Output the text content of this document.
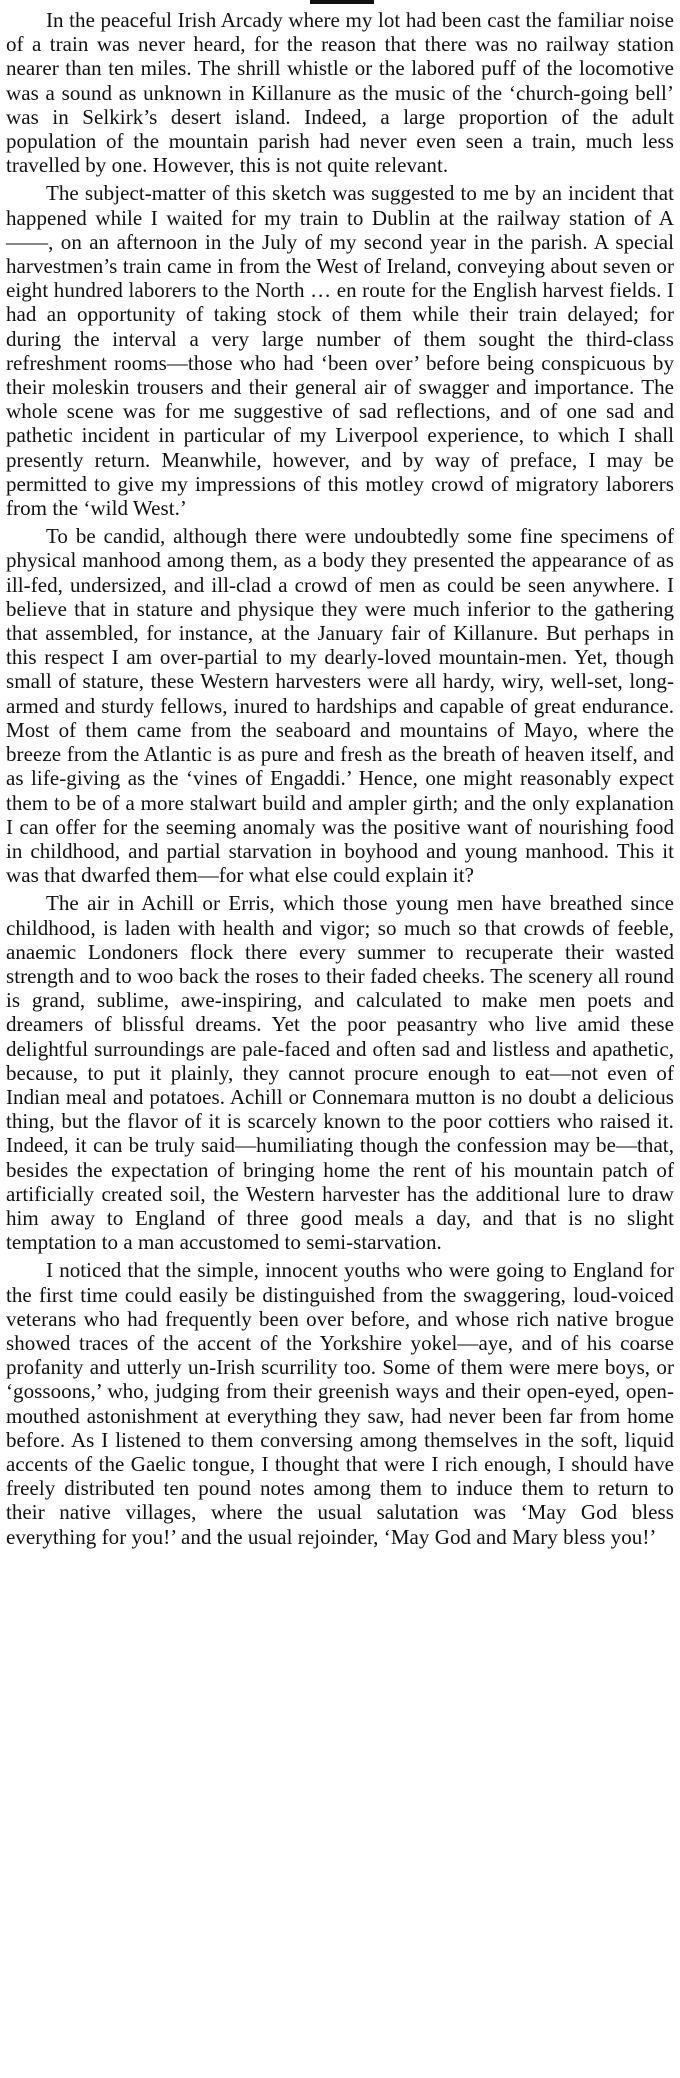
In the peaceful Irish Arcady where my lot had been cast the familiar noise of a train was never heard, for the reason that there was no railway station nearer than ten miles. The shrill whistle or the labored puff of the locomotive was a sound as unknown in Killanure as the music of the ‘church-going bell’ was in Selkirk’s desert island. Indeed, a large proportion of the adult population of the mountain parish had never even seen a train, much less travelled by one. However, this is not quite relevant.

The subject-matter of this sketch was suggested to me by an incident that happened while I waited for my train to Dublin at the railway station of A——, on an afternoon in the July of my second year in the parish. A special harvestmen’s train came in from the West of Ireland, conveying about seven or eight hundred laborers to the North … en route for the English harvest fields. I had an opportunity of taking stock of them while their train delayed; for during the interval a very large number of them sought the third-class refreshment rooms—those who had ‘been over’ before being conspicuous by their moleskin trousers and their general air of swagger and importance. The whole scene was for me suggestive of sad reflections, and of one sad and pathetic incident in particular of my Liverpool experience, to which I shall presently return. Meanwhile, however, and by way of preface, I may be permitted to give my impressions of this motley crowd of migratory laborers from the ‘wild West.’

To be candid, although there were undoubtedly some fine specimens of physical manhood among them, as a body they presented the appearance of as ill-fed, undersized, and ill-clad a crowd of men as could be seen anywhere. I believe that in stature and physique they were much inferior to the gathering that assembled, for instance, at the January fair of Killanure. But perhaps in this respect I am over-partial to my dearly-loved mountain-men. Yet, though small of stature, these Western harvesters were all hardy, wiry, well-set, long-armed and sturdy fellows, inured to hardships and capable of great endurance. Most of them came from the seaboard and mountains of Mayo, where the breeze from the Atlantic is as pure and fresh as the breath of heaven itself, and as life-giving as the ‘vines of Engaddi.’ Hence, one might reasonably expect them to be of a more stalwart build and ampler girth; and the only explanation I can offer for the seeming anomaly was the positive want of nourishing food in childhood, and partial starvation in boyhood and young manhood. This it was that dwarfed them—for what else could explain it?

The air in Achill or Erris, which those young men have breathed since childhood, is laden with health and vigor; so much so that crowds of feeble, anaemic Londoners flock there every summer to recuperate their wasted strength and to woo back the roses to their faded cheeks. The scenery all round is grand, sublime, awe-inspiring, and calculated to make men poets and dreamers of blissful dreams. Yet the poor peasantry who live amid these delightful surroundings are pale-faced and often sad and listless and apathetic, because, to put it plainly, they cannot procure enough to eat—not even of Indian meal and potatoes. Achill or Connemara mutton is no doubt a delicious thing, but the flavor of it is scarcely known to the poor cottiers who raised it. Indeed, it can be truly said—humiliating though the confession may be—that, besides the expectation of bringing home the rent of his mountain patch of artificially created soil, the Western harvester has the additional lure to draw him away to England of three good meals a day, and that is no slight temptation to a man accustomed to semi-starvation.

I noticed that the simple, innocent youths who were going to England for the first time could easily be distinguished from the swaggering, loud-voiced veterans who had frequently been over before, and whose rich native brogue showed traces of the accent of the Yorkshire yokel—aye, and of his coarse profanity and utterly un-Irish scurrility too. Some of them were mere boys, or ‘gossoons,’ who, judging from their greenish ways and their open-eyed, open-mouthed astonishment at everything they saw, had never been far from home before. As I listened to them conversing among themselves in the soft, liquid accents of the Gaelic tongue, I thought that were I rich enough, I should have freely distributed ten pound notes among them to induce them to return to their native villages, where the usual salutation was ‘May God bless everything for you!’ and the usual rejoinder, ‘May God and Mary bless you!’
